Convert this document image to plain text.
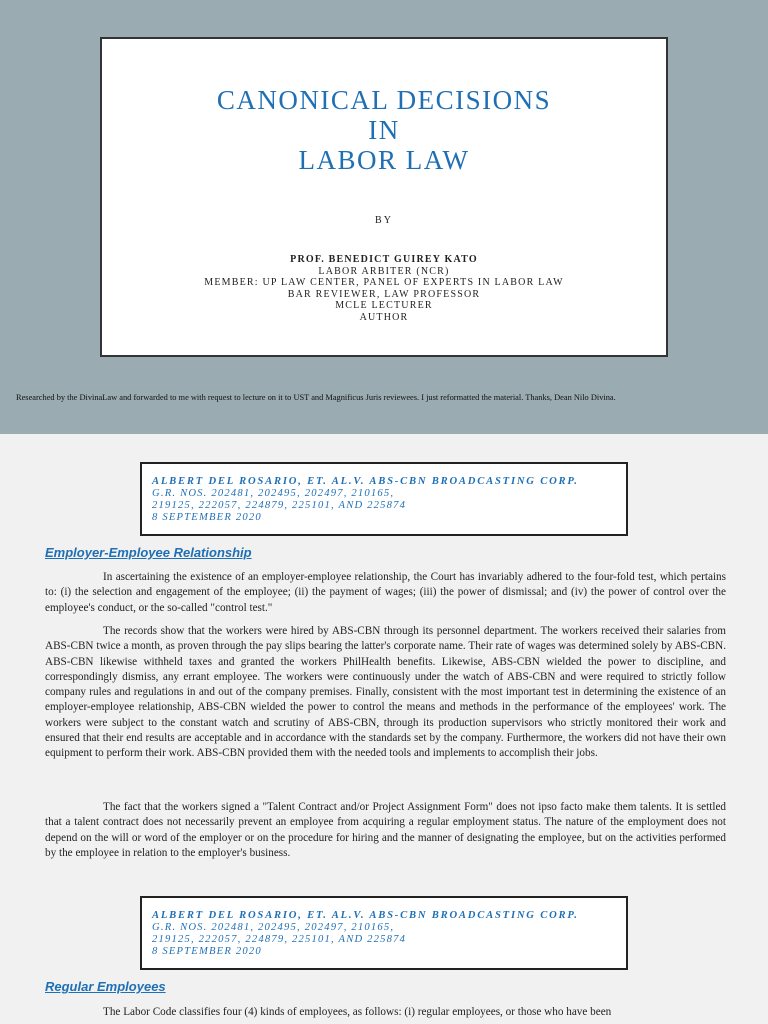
CANONICAL DECISIONS
IN
LABOR LAW
BY
PROF. BENEDICT GUIREY KATO
LABOR ARBITER (NCR)
MEMBER: UP LAW CENTER, PANEL OF EXPERTS IN LABOR LAW
BAR REVIEWER, LAW PROFESSOR
MCLE LECTURER
AUTHOR
Researched by the DivinaLaw and forwarded to me with request to lecture on it to UST and Magnificus Juris reviewees. I just reformatted the material. Thanks, Dean Nilo Divina.
ALBERT DEL ROSARIO, ET. AL.V. ABS-CBN BROADCASTING CORP.
G.R. NOS. 202481, 202495, 202497, 210165,
219125, 222057, 224879, 225101, AND 225874
8 SEPTEMBER 2020
Employer-Employee Relationship

In ascertaining the existence of an employer-employee relationship, the Court has invariably adhered to the four-fold test, which pertains to: (i) the selection and engagement of the employee; (ii) the payment of wages; (iii) the power of dismissal; and (iv) the power of control over the employee's conduct, or the so-called "control test."

The records show that the workers were hired by ABS-CBN through its personnel department. The workers received their salaries from ABS-CBN twice a month, as proven through the pay slips bearing the latter's corporate name. Their rate of wages was determined solely by ABS-CBN. ABS-CBN likewise withheld taxes and granted the workers PhilHealth benefits. Likewise, ABS-CBN wielded the power to discipline, and correspondingly dismiss, any errant employee. The workers were continuously under the watch of ABS-CBN and were required to strictly follow company rules and regulations in and out of the company premises. Finally, consistent with the most important test in determining the existence of an employer-employee relationship, ABS-CBN wielded the power to control the means and methods in the performance of the employees' work. The workers were subject to the constant watch and scrutiny of ABS-CBN, through its production supervisors who strictly monitored their work and ensured that their end results are acceptable and in accordance with the standards set by the company. Furthermore, the workers did not have their own equipment to perform their work. ABS-CBN provided them with the needed tools and implements to accomplish their jobs.

The fact that the workers signed a "Talent Contract and/or Project Assignment Form" does not ipso facto make them talents. It is settled that a talent contract does not necessarily prevent an employee from acquiring a regular employment status. The nature of the employment does not depend on the will or word of the employer or on the procedure for hiring and the manner of designating the employee, but on the activities performed by the employee in relation to the employer's business.

ALBERT DEL ROSARIO, ET. AL.V. ABS-CBN BROADCASTING CORP.
G.R. NOS. 202481, 202495, 202497, 210165,
219125, 222057, 224879, 225101, AND 225874
8 SEPTEMBER 2020
Regular Employees

The Labor Code classifies four (4) kinds of employees, as follows: (i) regular employees, or those who have been
